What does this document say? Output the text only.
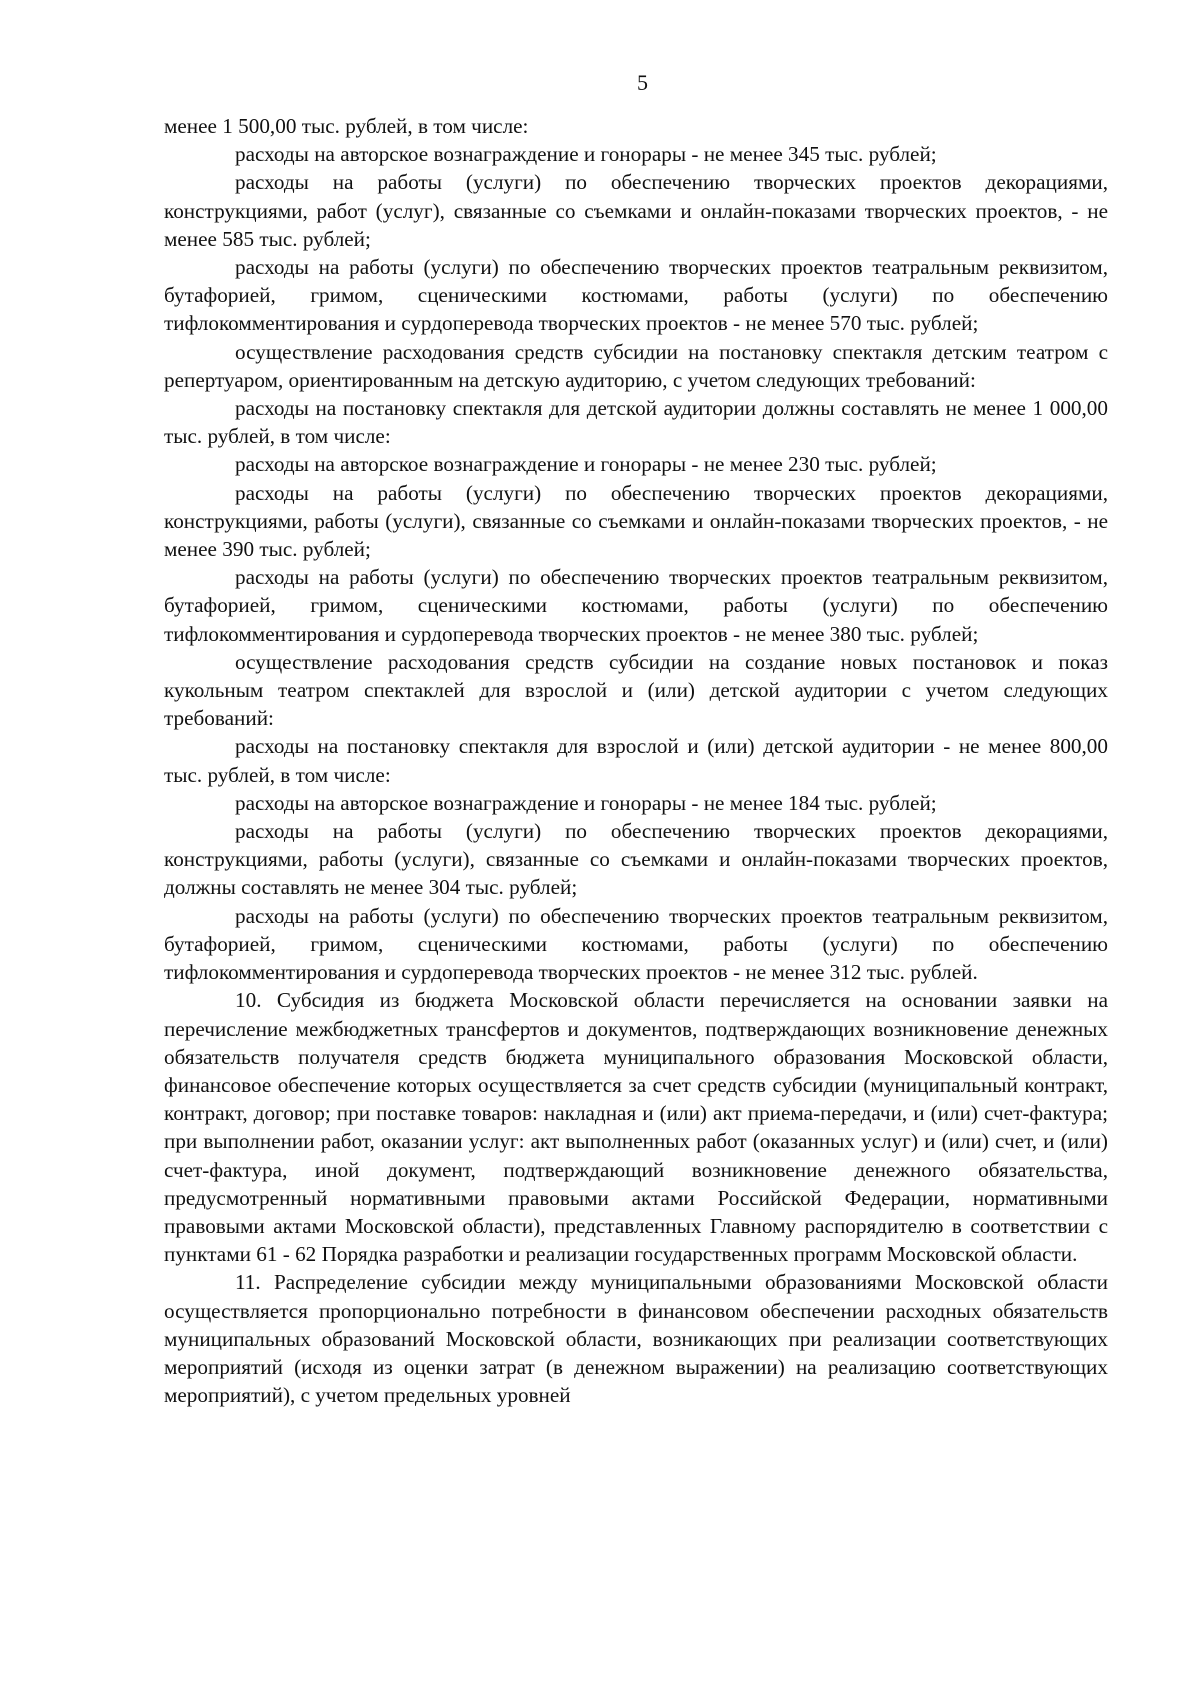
5

менее 1 500,00 тыс. рублей, в том числе:

расходы на авторское вознаграждение и гонорары - не менее 345 тыс. рублей;

расходы на работы (услуги) по обеспечению творческих проектов декорациями, конструкциями, работ (услуг), связанные со съемками и онлайн-показами творческих проектов, - не менее 585 тыс. рублей;

расходы на работы (услуги) по обеспечению творческих проектов театральным реквизитом, бутафорией, гримом, сценическими костюмами, работы (услуги) по обеспечению тифлокомментирования и сурдоперевода творческих проектов - не менее 570 тыс. рублей;

осуществление расходования средств субсидии на постановку спектакля детским театром с репертуаром, ориентированным на детскую аудиторию, с учетом следующих требований:

расходы на постановку спектакля для детской аудитории должны составлять не менее 1 000,00 тыс. рублей, в том числе:

расходы на авторское вознаграждение и гонорары - не менее 230 тыс. рублей;

расходы на работы (услуги) по обеспечению творческих проектов декорациями, конструкциями, работы (услуги), связанные со съемками и онлайн-показами творческих проектов, - не менее 390 тыс. рублей;

расходы на работы (услуги) по обеспечению творческих проектов театральным реквизитом, бутафорией, гримом, сценическими костюмами, работы (услуги) по обеспечению тифлокомментирования и сурдоперевода творческих проектов - не менее 380 тыс. рублей;

осуществление расходования средств субсидии на создание новых постановок и показ кукольным театром спектаклей для взрослой и (или) детской аудитории с учетом следующих требований:

расходы на постановку спектакля для взрослой и (или) детской аудитории - не менее 800,00 тыс. рублей, в том числе:

расходы на авторское вознаграждение и гонорары - не менее 184 тыс. рублей;

расходы на работы (услуги) по обеспечению творческих проектов декорациями, конструкциями, работы (услуги), связанные со съемками и онлайн-показами творческих проектов, должны составлять не менее 304 тыс. рублей;

расходы на работы (услуги) по обеспечению творческих проектов театральным реквизитом, бутафорией, гримом, сценическими костюмами, работы (услуги) по обеспечению тифлокомментирования и сурдоперевода творческих проектов - не менее 312 тыс. рублей.

10. Субсидия из бюджета Московской области перечисляется на основании заявки на перечисление межбюджетных трансфертов и документов, подтверждающих возникновение денежных обязательств получателя средств бюджета муниципального образования Московской области, финансовое обеспечение которых осуществляется за счет средств субсидии (муниципальный контракт, контракт, договор; при поставке товаров: накладная и (или) акт приема-передачи, и (или) счет-фактура; при выполнении работ, оказании услуг: акт выполненных работ (оказанных услуг) и (или) счет, и (или) счет-фактура, иной документ, подтверждающий возникновение денежного обязательства, предусмотренный нормативными правовыми актами Российской Федерации, нормативными правовыми актами Московской области), представленных Главному распорядителю в соответствии с пунктами 61 - 62 Порядка разработки и реализации государственных программ Московской области.

11. Распределение субсидии между муниципальными образованиями Московской области осуществляется пропорционально потребности в финансовом обеспечении расходных обязательств муниципальных образований Московской области, возникающих при реализации соответствующих мероприятий (исходя из оценки затрат (в денежном выражении) на реализацию соответствующих мероприятий), с учетом предельных уровней
